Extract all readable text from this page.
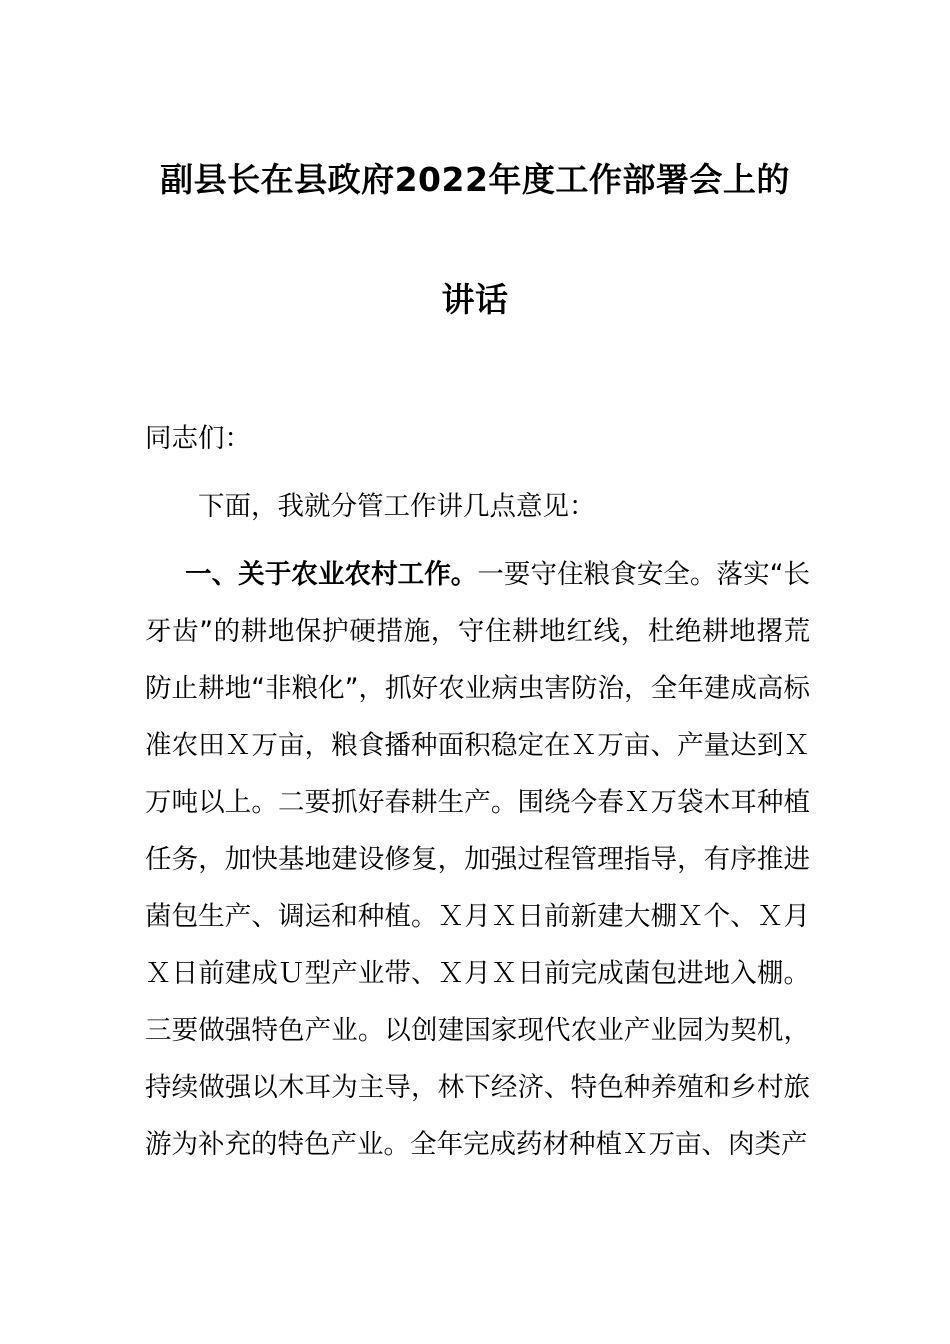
副县长在县政府2022年度工作部署会上的
讲话

同志们：

下面，我就分管工作讲几点意见：

一、关于农业农村工作。一要守住粮食安全。落实“长牙齿”的耕地保护硬措施，守住耕地红线，杜绝耕地撂荒防止耕地“非粮化”，抓好农业病虫害防治，全年建成高标准农田Ｘ万亩，粮食播种面积稳定在Ｘ万亩、产量达到Ｘ万吨以上。二要抓好春耕生产。围绕今春Ｘ万袋木耳种植任务，加快基地建设修复，加强过程管理指导，有序推进菌包生产、调运和种植。Ｘ月Ｘ日前新建大棚Ｘ个、Ｘ月Ｘ日前建成Ｕ型产业带、Ｘ月Ｘ日前完成菌包进地入棚。三要做强特色产业。以创建国家现代农业产业园为契机，持续做强以木耳为主导，林下经济、特色种养殖和乡村旅游为补充的特色产业。全年完成药材种植Ｘ万亩、肉类产
